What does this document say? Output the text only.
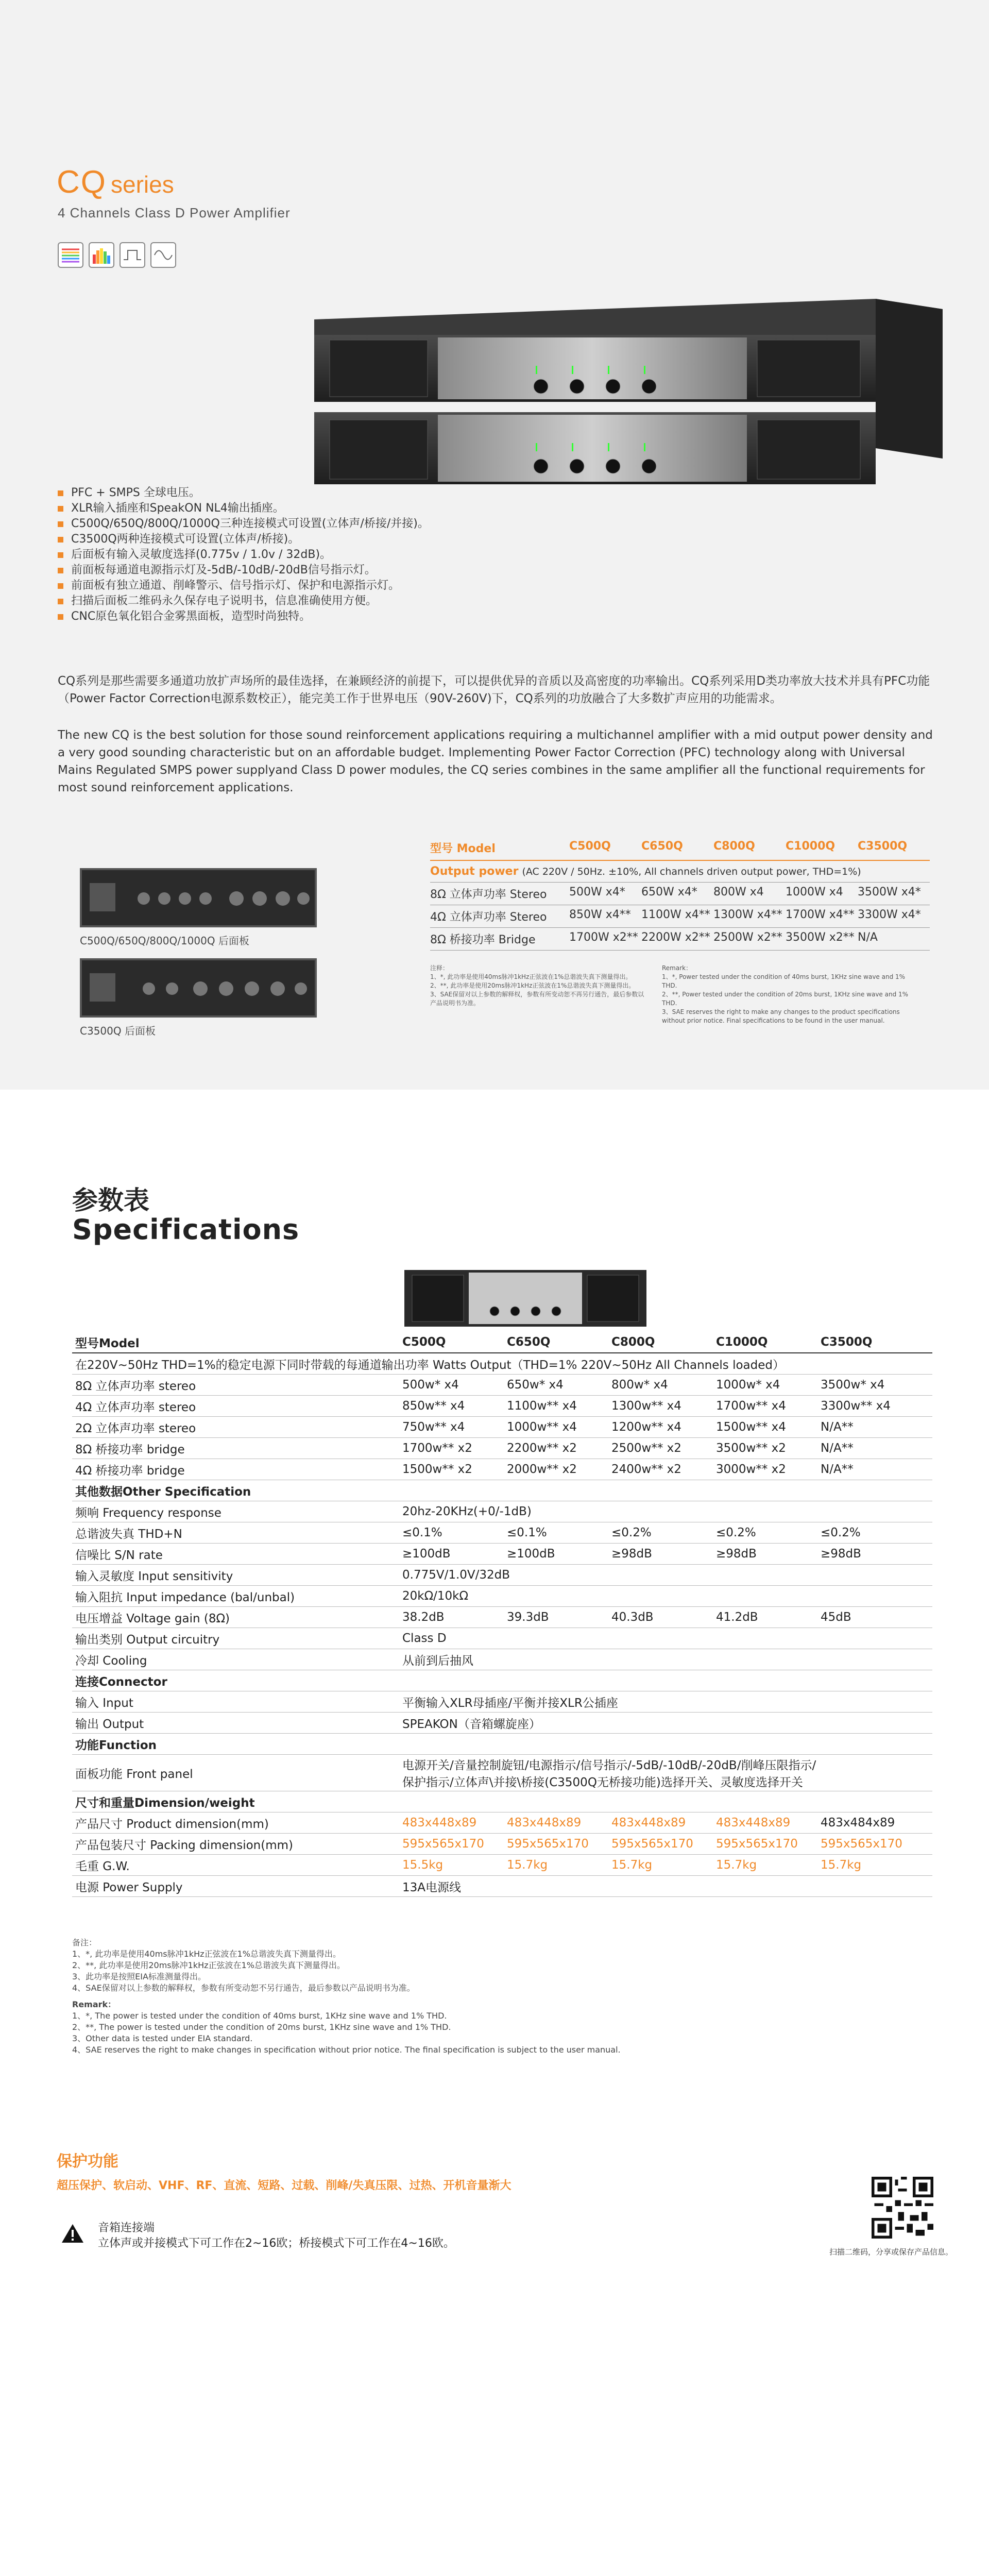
CQ series
4 Channels Class D Power Amplifier
PFC + SMPS 全球电压。
XLR输入插座和SpeakON NL4输出插座。
C500Q/650Q/800Q/1000Q三种连接模式可设置(立体声/桥接/并接)。
C3500Q两种连接模式可设置(立体声/桥接)。
后面板有输入灵敏度选择(0.775v / 1.0v / 32dB)。
前面板每通道电源指示灯及-5dB/-10dB/-20dB信号指示灯。
前面板有独立通道、削峰警示、信号指示灯、保护和电源指示灯。
扫描后面板二维码永久保存电子说明书，信息准确使用方便。
CNC原色氧化铝合金雾黑面板，造型时尚独特。
CQ系列是那些需要多通道功放扩声场所的最佳选择，在兼顾经济的前提下，可以提供优异的音质以及高密度的功率输出。CQ系列采用D类功率放大技术并具有PFC功能（Power Factor Correction电源系数校正），能完美工作于世界电压（90V-260V)下，CQ系列的功放融合了大多数扩声应用的功能需求。
The new CQ is the best solution for those sound reinforcement applications requiring a multichannel amplifier with a mid output power density and a very good sounding characteristic but on an affordable budget. Implementing Power Factor Correction (PFC) technology along with Universal Mains Regulated SMPS power supplyand Class D power modules, the CQ series combines in the same amplifier all the functional requirements for most sound reinforcement applications.
C500Q/650Q/800Q/1000Q 后面板
C3500Q 后面板
型号 Model	C500Q	C650Q	C800Q	C1000Q	C3500Q
Output power (AC 220V / 50Hz. ±10%, All channels driven output power, THD=1%)
8Ω 立体声功率 Stereo	500W x4*	650W x4*	800W x4	1000W x4	3500W x4*
4Ω 立体声功率 Stereo	850W x4** 1100W x4** 1300W x4** 1700W x4** 3300W x4*
8Ω 桥接功率 Bridge	1700W x2** 2200W x2** 2500W x2** 3500W x2** N/A
注释：
1、*, 此功率是使用40ms脉冲1kHz正弦波在1%总谐波失真下测量得出。
2、**, 此功率是使用20ms脉冲1kHz正弦波在1%总谐波失真下测量得出。
3、SAE保留对以上参数的解释权，参数有所变动恕不再另行通告，最后参数以产品说明书为准。
Remark：
1、*, Power tested under the condition of 40ms burst, 1KHz sine wave and 1% THD.
2、**, Power tested under the condition of 20ms burst, 1KHz sine wave and 1% THD.
3、SAE reserves the right to make any changes to the product specifications without prior notice. Final specifications to be found in the user manual.
参数表
Specifications
型号Model	C500Q	C650Q	C800Q	C1000Q	C3500Q
在220V~50Hz THD=1%的稳定电源下同时带载的每通道输出功率 Watts Output（THD=1% 220V~50Hz All Channels loaded）
8Ω 立体声功率 stereo	500w* x4	650w* x4	800w* x4	1000w* x4	3500w* x4
4Ω 立体声功率 stereo	850w** x4	1100w** x4	1300w** x4	1700w** x4	3300w** x4
2Ω 立体声功率 stereo	750w** x4	1000w** x4	1200w** x4	1500w** x4	N/A**
8Ω 桥接功率 bridge	1700w** x2	2200w** x2	2500w** x2	3500w** x2	N/A**
4Ω 桥接功率 bridge	1500w** x2	2000w** x2	2400w** x2	3000w** x2	N/A**
其他数据Other Specification
频响 Frequency response	20hz-20KHz(+0/-1dB)
总谐波失真 THD+N	≤0.1%	≤0.1%	≤0.2%	≤0.2%	≤0.2%
信噪比 S/N rate	≥100dB	≥100dB	≥98dB	≥98dB	≥98dB
输入灵敏度 Input sensitivity	0.775V/1.0V/32dB
输入阻抗 Input impedance (bal/unbal)	20kΩ/10kΩ
电压增益 Voltage gain (8Ω)	38.2dB	39.3dB	40.3dB	41.2dB	45dB
输出类别 Output circuitry	Class D
冷却 Cooling	从前到后抽风
连接Connector
输入 Input	平衡输入XLR母插座/平衡并接XLR公插座
输出 Output	SPEAKON（音箱螺旋座）
功能Function
面板功能 Front panel
电源开关/音量控制旋钮/电源指示/信号指示/-5dB/-10dB/-20dB/削峰压限指示/
保护指示/立体声\并接\桥接(C3500Q无桥接功能)选择开关、灵敏度选择开关
尺寸和重量Dimension/weight
产品尺寸 Product dimension(mm)	483x448x89	483x448x89	483x448x89	483x448x89	483x484x89
产品包装尺寸 Packing dimension(mm)	595x565x170	595x565x170	595x565x170	595x565x170	595x565x170
毛重 G.W.	15.5kg	15.7kg	15.7kg	15.7kg	15.7kg
电源 Power Supply	13A电源线
备注：
1、*, 此功率是使用40ms脉冲1kHz正弦波在1%总谐波失真下测量得出。
2、**, 此功率是使用20ms脉冲1kHz正弦波在1%总谐波失真下测量得出。
3、此功率是按照EIA标准测量得出。
4、SAE保留对以上参数的解释权，参数有所变动恕不另行通告，最后参数以产品说明书为准。
Remark：
1、*, The power is tested under the condition of 40ms burst, 1KHz sine wave and 1% THD.
2、**, The power is tested under the condition of 20ms burst, 1KHz sine wave and 1% THD.
3、Other data is tested under EIA standard.
4、SAE reserves the right to make changes in specification without prior notice. The final specification is subject to the user manual.
保护功能
超压保护、软启动、VHF、RF、直流、短路、过载、削峰/失真压限、过热、开机音量渐大
音箱连接端
立体声或并接模式下可工作在2~16欧；桥接模式下可工作在4~16欧。
扫描二维码，分享或保存产品信息。
